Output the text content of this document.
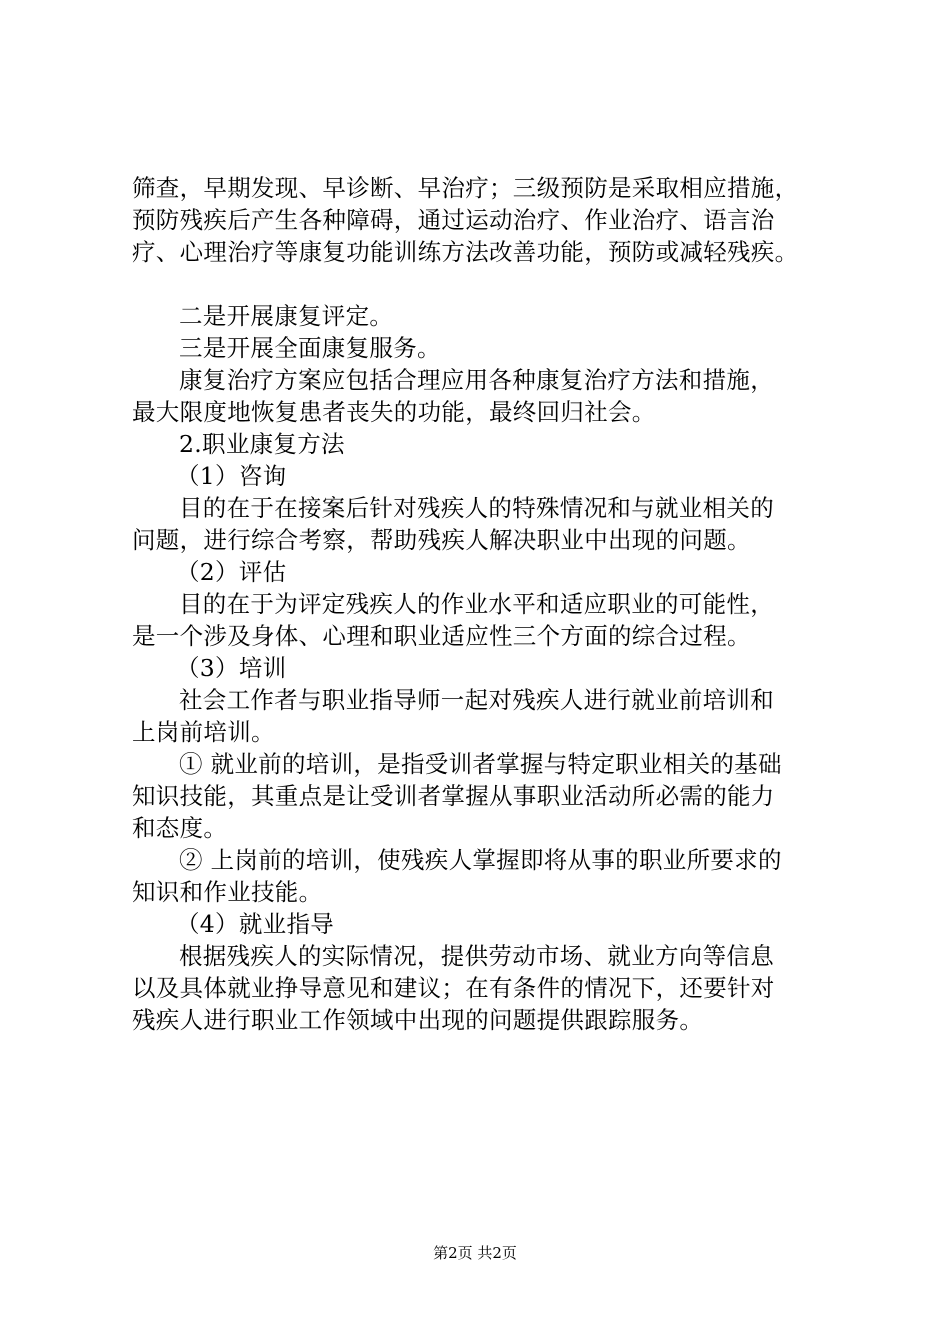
筛查，早期发现、早诊断、早治疗；三级预防是采取相应措施，
预防残疾后产生各种障碍，通过运动治疗、作业治疗、语言治
疗、心理治疗等康复功能训练方法改善功能，预防或减轻残疾。
二是开展康复评定。
三是开展全面康复服务。
康复治疗方案应包括合理应用各种康复治疗方法和措施，
最大限度地恢复患者丧失的功能，最终回归社会。
2.职业康复方法
（1）咨询
目的在于在接案后针对残疾人的特殊情况和与就业相关的
问题，进行综合考察，帮助残疾人解决职业中出现的问题。
（2）评估
目的在于为评定残疾人的作业水平和适应职业的可能性，
是一个涉及身体、心理和职业适应性三个方面的综合过程。
（3）培训
社会工作者与职业指导师一起对残疾人进行就业前培训和
上岗前培训。
① 就业前的培训，是指受训者掌握与特定职业相关的基础
知识技能，其重点是让受训者掌握从事职业活动所必需的能力
和态度。
② 上岗前的培训，使残疾人掌握即将从事的职业所要求的
知识和作业技能。
（4）就业指导
根据残疾人的实际情况，提供劳动市场、就业方向等信息
以及具体就业挣导意见和建议；在有条件的情况下，还要针对
残疾人进行职业工作领域中出现的问题提供跟踪服务。
第2页 共2页
